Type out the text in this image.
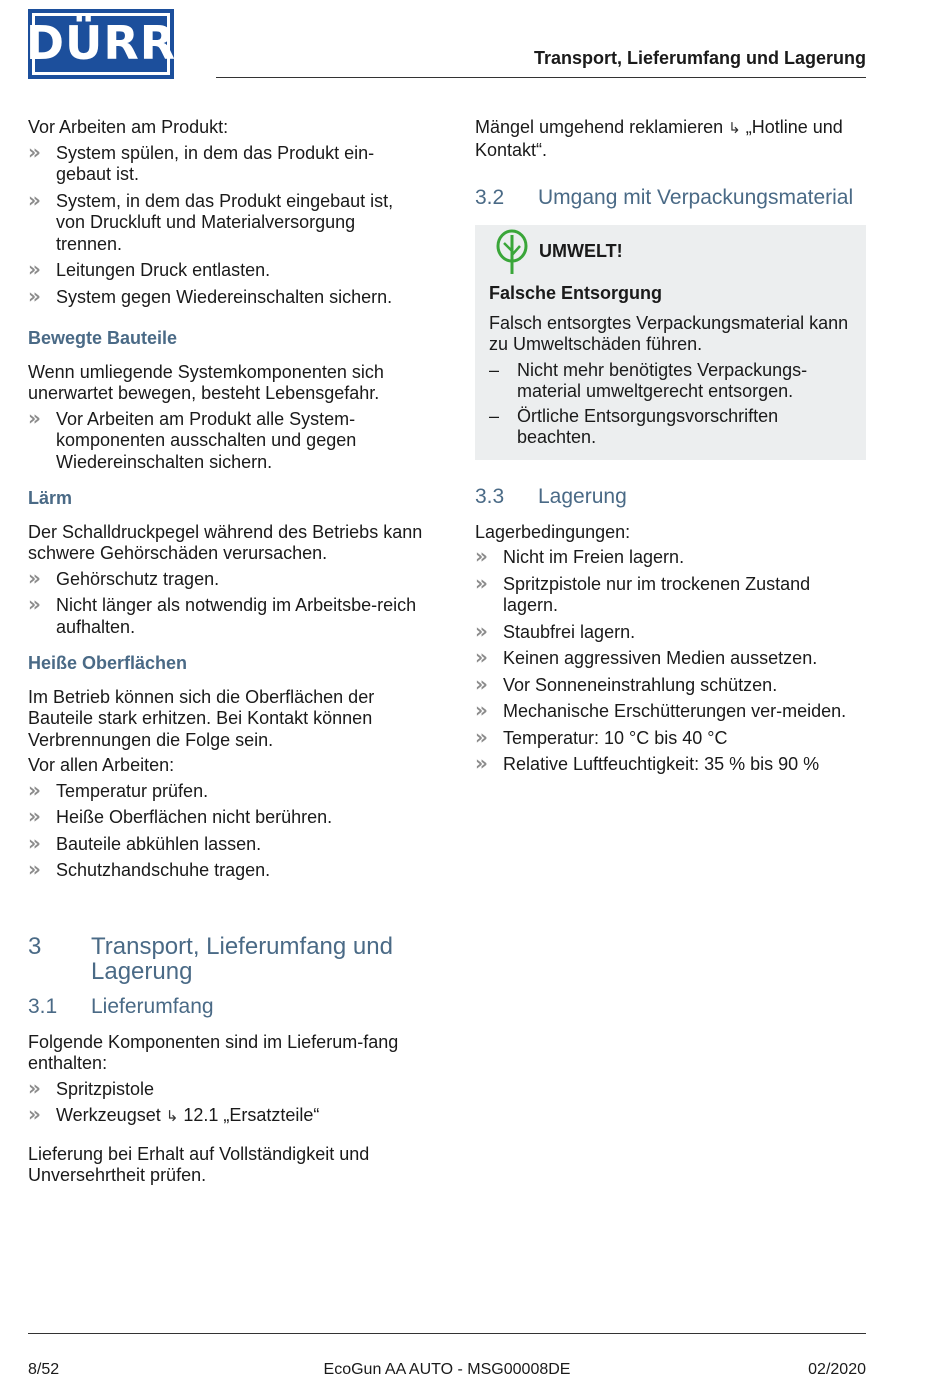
DÜRR	Transport, Lieferumfang und Lagerung

Vor Arbeiten am Produkt:

» System spülen, in dem das Produkt ein-gebaut ist.
» System, in dem das Produkt eingebaut ist, von Druckluft und Materialversorgung trennen.
» Leitungen Druck entlasten.
» System gegen Wiedereinschalten sichern.
Bewegte Bauteile

Wenn umliegende Systemkomponenten sich unerwartet bewegen, besteht Lebensgefahr.

» Vor Arbeiten am Produkt alle System-komponenten ausschalten und gegen Wiedereinschalten sichern.
Lärm

Der Schalldruckpegel während des Betriebs kann schwere Gehörschäden verursachen.

» Gehörschutz tragen.
» Nicht länger als notwendig im Arbeitsbe-reich aufhalten.
Heiße Oberflächen

Im Betrieb können sich die Oberflächen der Bauteile stark erhitzen. Bei Kontakt können Verbrennungen die Folge sein.

Vor allen Arbeiten:

» Temperatur prüfen.
» Heiße Oberflächen nicht berühren.
» Bauteile abkühlen lassen.
» Schutzhandschuhe tragen.
3	Transport, Lieferumfang und Lagerung
3.1	Lieferumfang

Folgende Komponenten sind im Lieferum-fang enthalten:

» Spritzpistole
» Werkzeugset ↳ 12.1 „Ersatzteile“

Lieferung bei Erhalt auf Vollständigkeit und Unversehrtheit prüfen.

Mängel umgehend reklamieren ↳ „Hotline und Kontakt“.

3.2	Umgang mit Verpackungsmaterial
UMWELT!
Falsche Entsorgung

Falsch entsorgtes Verpackungsmaterial kann zu Umweltschäden führen.

– Nicht mehr benötigtes Verpackungs-material umweltgerecht entsorgen.
– Örtliche Entsorgungsvorschriften beachten.
3.3	Lagerung

Lagerbedingungen:

» Nicht im Freien lagern.
» Spritzpistole nur im trockenen Zustand lagern.
» Staubfrei lagern.
» Keinen aggressiven Medien aussetzen.
» Vor Sonneneinstrahlung schützen.
» Mechanische Erschütterungen ver-meiden.
» Temperatur: 10 °C bis 40 °C
» Relative Luftfeuchtigkeit: 35 % bis 90 %
8/52	EcoGun AA AUTO - MSG00008DE	02/2020
